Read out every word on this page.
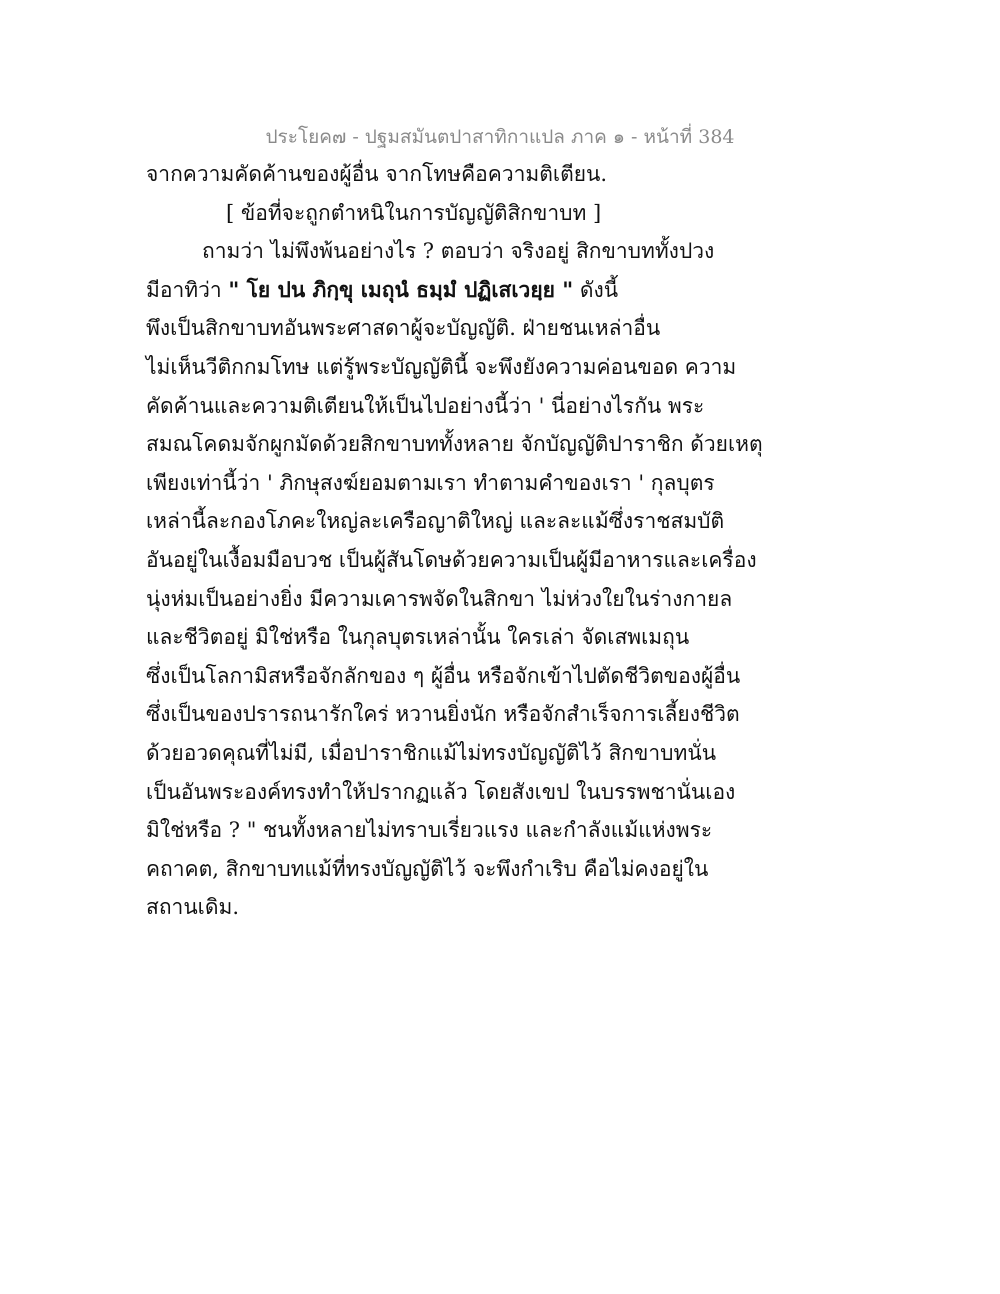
ประโยค๗ - ปฐมสมันตปาสาทิกาแปล ภาค ๑ - หน้าที่ 384
จากความคัดค้านของผู้อื่น จากโทษคือความติเตียน.
[ ข้อที่จะถูกตำหนิในการบัญญัติสิกขาบท ]
ถามว่า ไม่พึงพ้นอย่างไร ? ตอบว่า จริงอยู่ สิกขาบททั้งปวง
มีอาทิว่า " โย ปน ภิกฺขุ เมถุนํ ธมฺมํ ปฏิเสเวยฺย " ดังนี้
พึงเป็นสิกขาบทอันพระศาสดาผู้จะบัญญัติ. ฝ่ายชนเหล่าอื่น
ไม่เห็นวีติกกมโทษ แต่รู้พระบัญญัตินี้ จะพึงยังความค่อนขอด ความ
คัดค้านและความติเตียนให้เป็นไปอย่างนี้ว่า ' นี่อย่างไรกัน พระ
สมณโคดมจักผูกมัดด้วยสิกขาบททั้งหลาย จักบัญญัติปาราชิก ด้วยเหตุ
เพียงเท่านี้ว่า ' ภิกษุสงฆ์ยอมตามเรา ทำตามคำของเรา ' กุลบุตร
เหล่านี้ละกองโภคะใหญ่ละเครือญาติใหญ่ และละแม้ซึ่งราชสมบัติ
อันอยู่ในเงื้อมมือบวช เป็นผู้สันโดษด้วยความเป็นผู้มีอาหารและเครื่อง
นุ่งห่มเป็นอย่างยิ่ง มีความเคารพจัดในสิกขา ไม่ห่วงใยในร่างกายล
และชีวิตอยู่ มิใช่หรือ ในกุลบุตรเหล่านั้น ใครเล่า จัดเสพเมถุน
ซึ่งเป็นโลกามิสหรือจักลักของ ๆ ผู้อื่น หรือจักเข้าไปตัดชีวิตของผู้อื่น
ซึ่งเป็นของปรารถนารักใคร่ หวานยิ่งนัก หรือจักสำเร็จการเลี้ยงชีวิต
ด้วยอวดคุณที่ไม่มี, เมื่อปาราชิกแม้ไม่ทรงบัญญัติไว้ สิกขาบทนั่น
เป็นอันพระองค์ทรงทำให้ปรากฏแล้ว โดยสังเขป ในบรรพชานั่นเอง
มิใช่หรือ ? " ชนทั้งหลายไม่ทราบเรี่ยวแรง และกำลังแม้แห่งพระ
คถาคต, สิกขาบทแม้ที่ทรงบัญญัติไว้ จะพึงกำเริบ คือไม่คงอยู่ใน
สถานเดิม.
